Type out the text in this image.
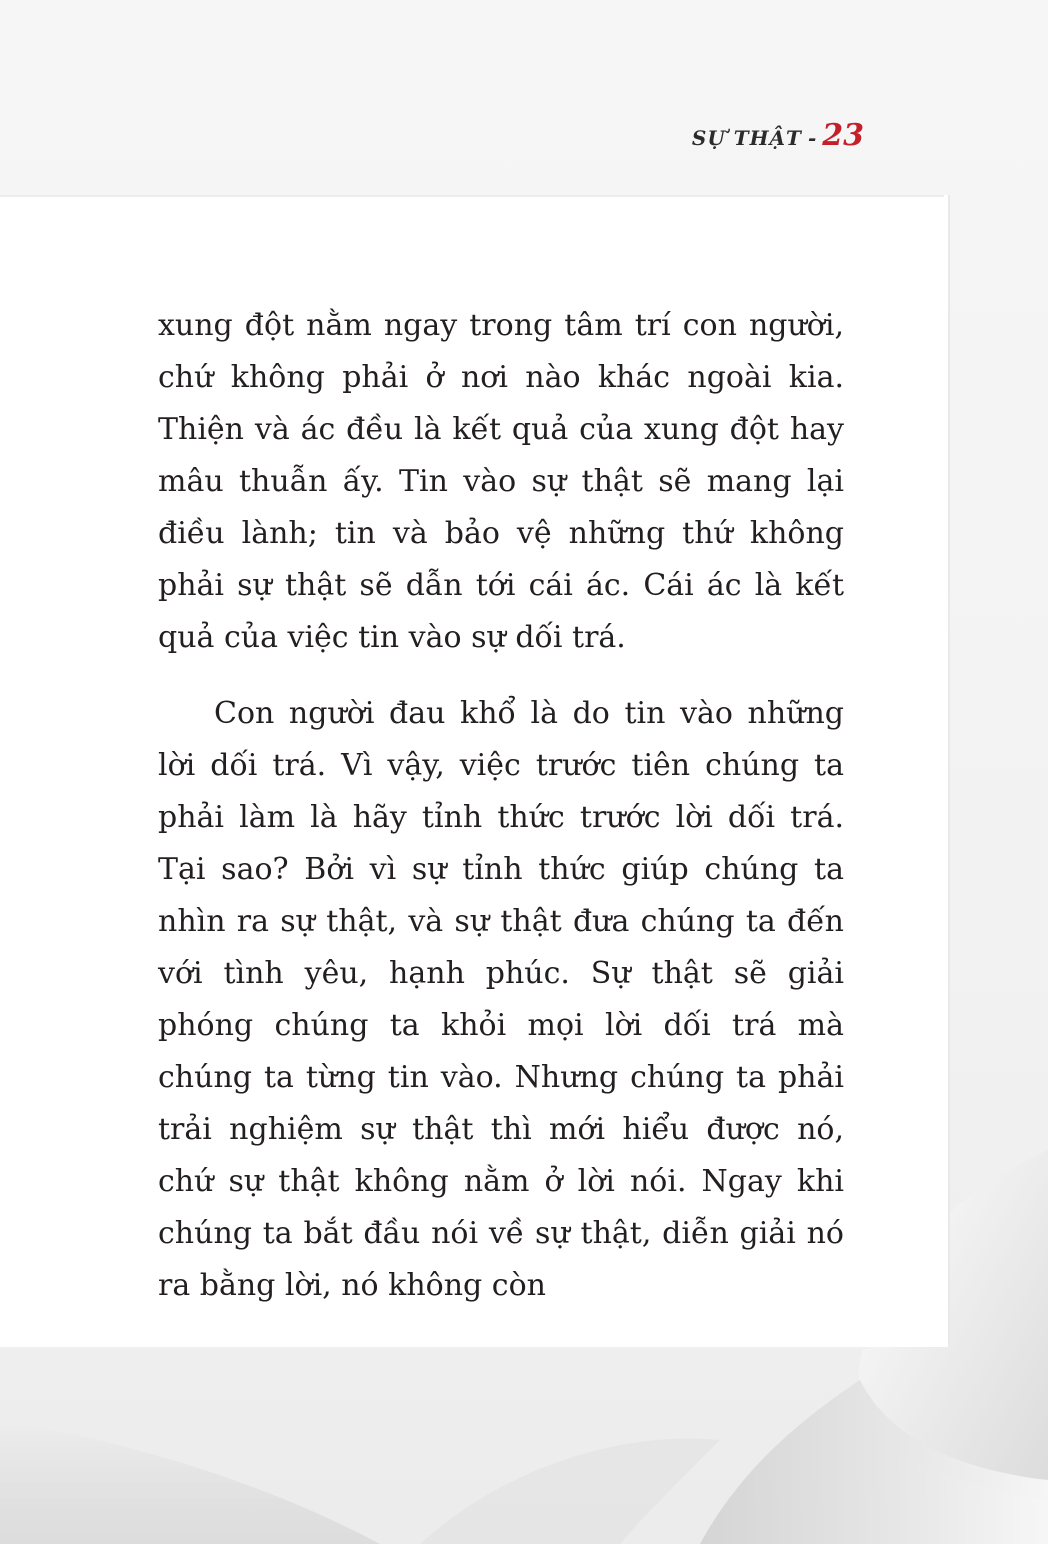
SỰ THẬT - 23

xung đột nằm ngay trong tâm trí con người, chứ không phải ở nơi nào khác ngoài kia. Thiện và ác đều là kết quả của xung đột hay mâu thuẫn ấy. Tin vào sự thật sẽ mang lại điều lành; tin và bảo vệ những thứ không phải sự thật sẽ dẫn tới cái ác. Cái ác là kết quả của việc tin vào sự dối trá.

Con người đau khổ là do tin vào những lời dối trá. Vì vậy, việc trước tiên chúng ta phải làm là hãy tỉnh thức trước lời dối trá. Tại sao? Bởi vì sự tỉnh thức giúp chúng ta nhìn ra sự thật, và sự thật đưa chúng ta đến với tình yêu, hạnh phúc. Sự thật sẽ giải phóng chúng ta khỏi mọi lời dối trá mà chúng ta từng tin vào. Nhưng chúng ta phải trải nghiệm sự thật thì mới hiểu được nó, chứ sự thật không nằm ở lời nói. Ngay khi chúng ta bắt đầu nói về sự thật, diễn giải nó ra bằng lời, nó không còn
